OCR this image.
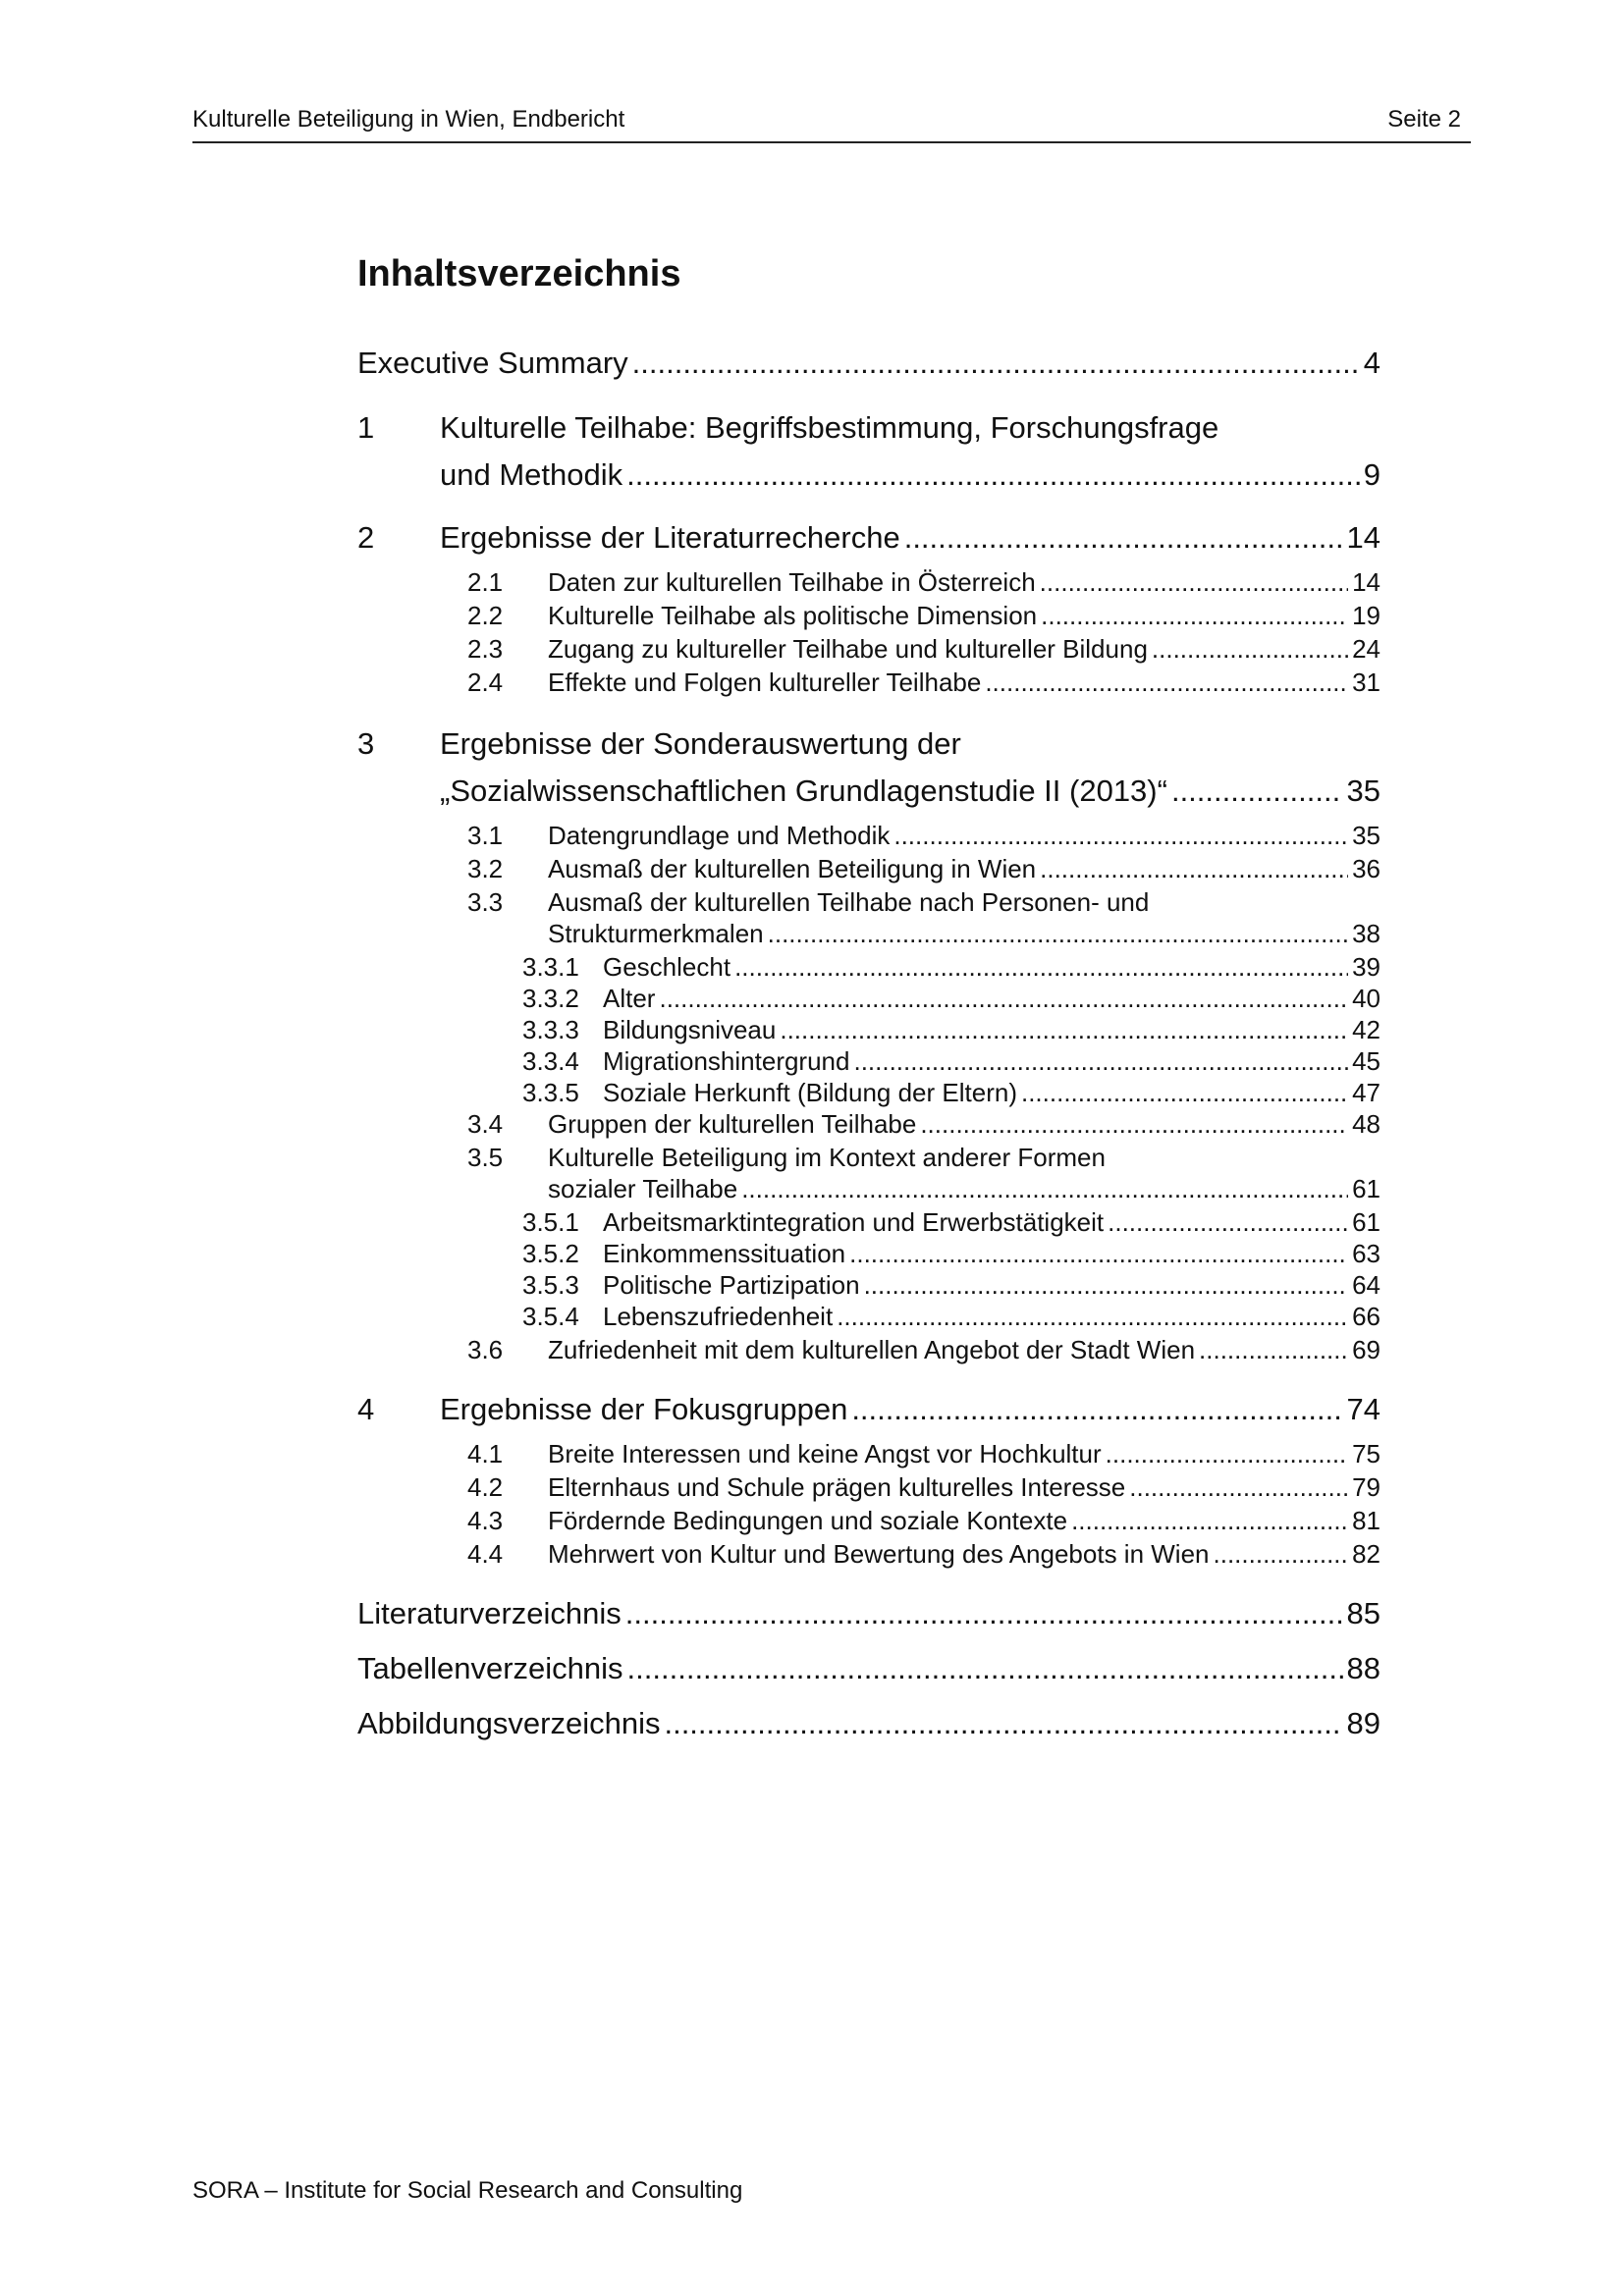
Kulturelle Beteiligung in Wien, Endbericht	Seite 2
Inhaltsverzeichnis
Executive Summary .....	4
1	Kulturelle Teilhabe: Begriffsbestimmung, Forschungsfrage
und Methodik .....	9
2	Ergebnisse der Literaturrecherche .....	14
2.1	Daten zur kulturellen Teilhabe in Österreich .....	14
2.2	Kulturelle Teilhabe als politische Dimension .....	19
2.3	Zugang zu kultureller Teilhabe und kultureller Bildung .....	24
2.4	Effekte und Folgen kultureller Teilhabe .....	31
3	Ergebnisse der Sonderauswertung der
„Sozialwissenschaftlichen Grundlagenstudie II (2013)“ .....	35
3.1	Datengrundlage und Methodik .....	35
3.2	Ausmaß der kulturellen Beteiligung in Wien .....	36
3.3	Ausmaß der kulturellen Teilhabe nach Personen- und
Strukturmerkmalen .....	38
3.3.1 Geschlecht .....	39
3.3.2 Alter .....	40
3.3.3 Bildungsniveau .....	42
3.3.4 Migrationshintergrund .....	45
3.3.5 Soziale Herkunft (Bildung der Eltern) .....	47
3.4	Gruppen der kulturellen Teilhabe .....	48
3.5	Kulturelle Beteiligung im Kontext anderer Formen
sozialer Teilhabe .....	61
3.5.1 Arbeitsmarktintegration und Erwerbstätigkeit .....	61
3.5.2 Einkommenssituation .....	63
3.5.3 Politische Partizipation .....	64
3.5.4 Lebenszufriedenheit .....	66
3.6	Zufriedenheit mit dem kulturellen Angebot der Stadt Wien .....	69
4	Ergebnisse der Fokusgruppen .....	74
4.1	Breite Interessen und keine Angst vor Hochkultur .....	75
4.2	Elternhaus und Schule prägen kulturelles Interesse .....	79
4.3	Fördernde Bedingungen und soziale Kontexte .....	81
4.4	Mehrwert von Kultur und Bewertung des Angebots in Wien .....	82
Literaturverzeichnis .....	85
Tabellenverzeichnis .....	88
Abbildungsverzeichnis .....	89
SORA – Institute for Social Research and Consulting
